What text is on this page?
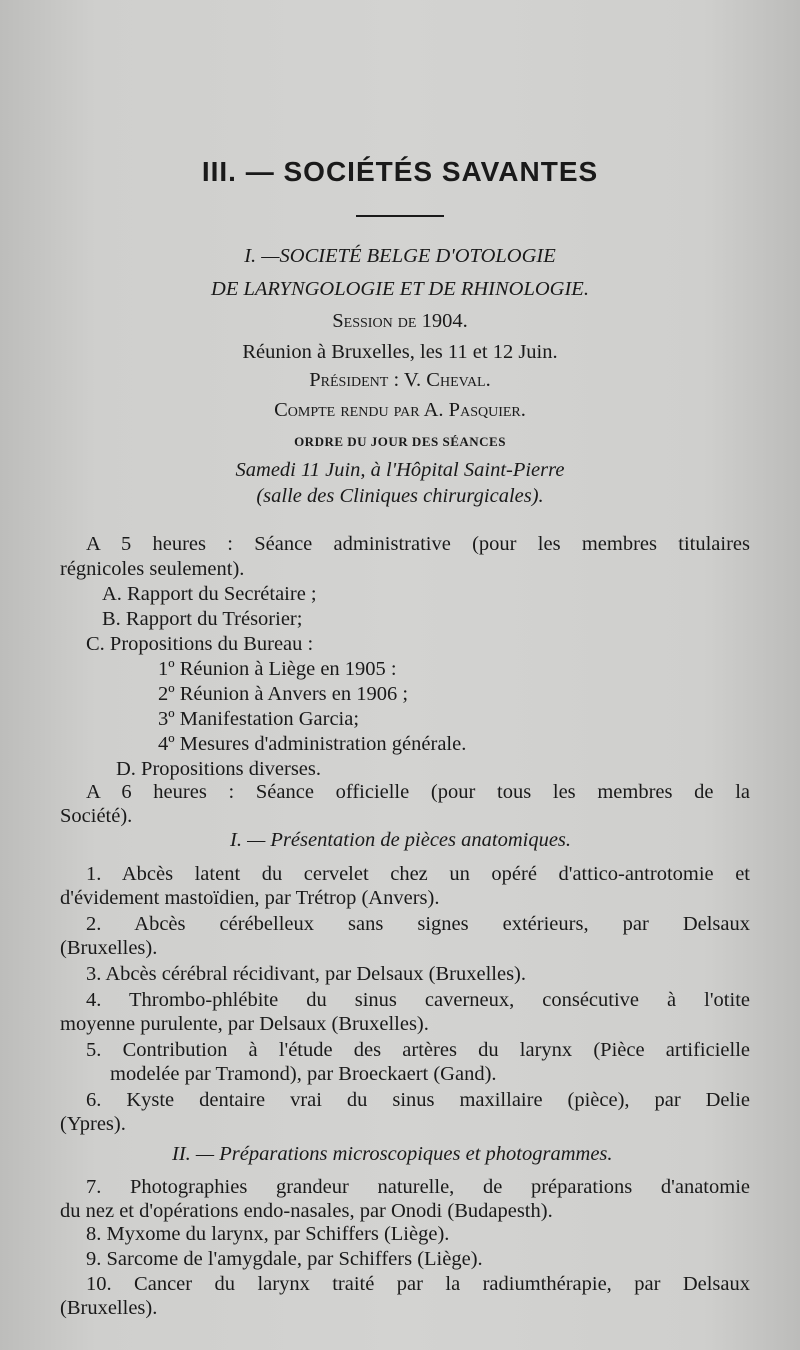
III. — SOCIÉTÉS SAVANTES
I. —SOCIETÉ BELGE D'OTOLOGIE
DE LARYNGOLOGIE ET DE RHINOLOGIE.
Session de 1904.
Réunion à Bruxelles, les 11 et 12 Juin.
Président : V. Cheval.
Compte rendu par A. Pasquier.
ORDRE DU JOUR DES SÉANCES
Samedi 11 Juin, à l'Hôpital Saint-Pierre
(salle des Cliniques chirurgicales).
A 5 heures : Séance administrative (pour les membres titulaires
régnicoles seulement).
A. Rapport du Secrétaire ;
B. Rapport du Trésorier;
C. Propositions du Bureau :
1º Réunion à Liège en 1905 :
2º Réunion à Anvers en 1906 ;
3º Manifestation Garcia;
4º Mesures d'administration générale.
D. Propositions diverses.
A 6 heures : Séance officielle (pour tous les membres de la
Société).
I. — Présentation de pièces anatomiques.
1. Abcès latent du cervelet chez un opéré d'attico-antrotomie et
d'évidement mastoïdien, par Trétrop (Anvers).
2. Abcès cérébelleux sans signes extérieurs, par Delsaux
(Bruxelles).
3. Abcès cérébral récidivant, par Delsaux (Bruxelles).
4. Thrombo-phlébite du sinus caverneux, consécutive à l'otite
moyenne purulente, par Delsaux (Bruxelles).
5. Contribution à l'étude des artères du larynx (Pièce artificielle
modelée par Tramond), par Broeckaert (Gand).
6. Kyste dentaire vrai du sinus maxillaire (pièce), par Delie
(Ypres).
II. — Préparations microscopiques et photogrammes.
7. Photographies grandeur naturelle, de préparations d'anatomie
du nez et d'opérations endo-nasales, par Onodi (Budapesth).
8. Myxome du larynx, par Schiffers (Liège).
9. Sarcome de l'amygdale, par Schiffers (Liège).
10. Cancer du larynx traité par la radiumthérapie, par Delsaux
(Bruxelles).
